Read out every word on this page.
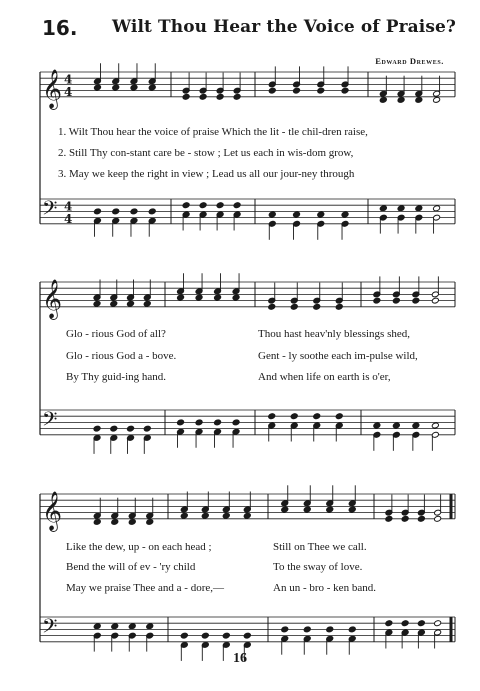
16. Wilt Thou Hear the Voice of Praise?
Edward Drewes.
𝄞
𝄢
4
4
4
4
𝄞
𝄢
𝄞
𝄢
1. Wilt Thou hear the voice of praise Which the lit - tle chil-dren raise,
2. Still Thy con-stant care be - stow ; Let us each in wis-dom grow,
3. May we keep the right in view ; Lead us all our jour-ney through
Glo - rious God of all?
Glo - rious God a - bove.
By Thy guid-ing hand.
Thou hast heav'nly blessings shed,
Gent - ly soothe each im-pulse wild,
And when life on earth is o'er,
Like the dew, up - on each head ;
Bend the will of ev - 'ry child
May we praise Thee and a - dore,—
Still on Thee we call.
To the sway of love.
An un - bro - ken band.
16
